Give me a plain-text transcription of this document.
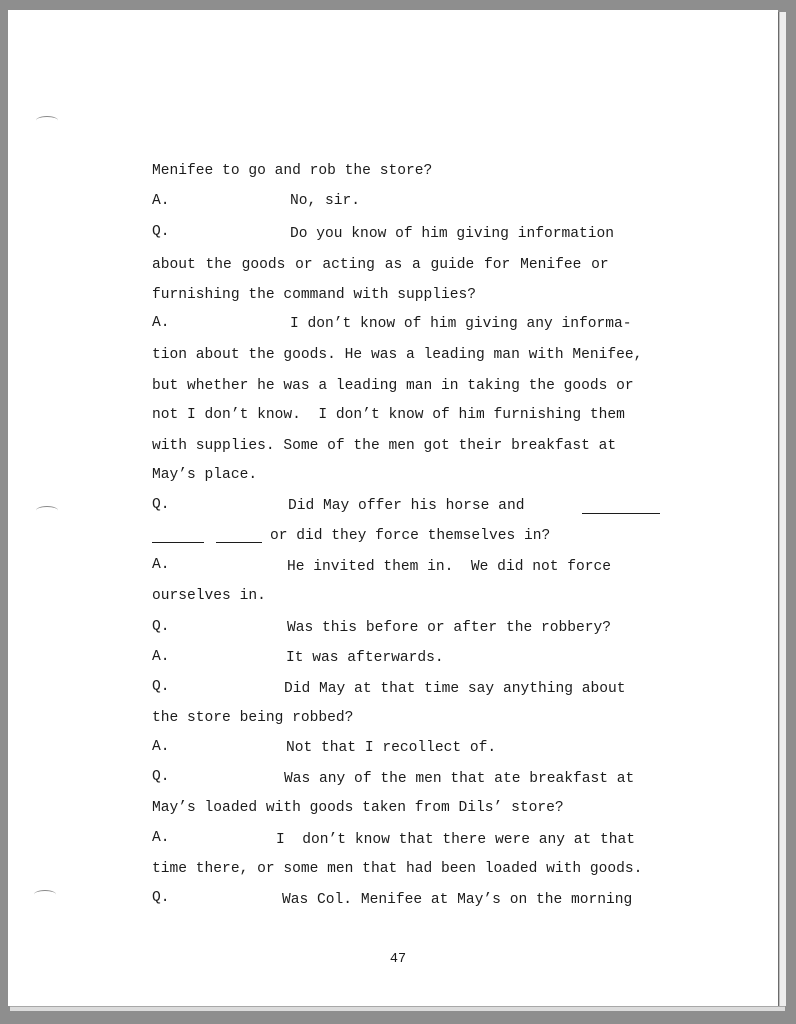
Menifee to go and rob the store?
A.	No, sir.
Q.	Do you know of him giving information
about the goods or acting as a guide for Menifee or
furnishing the command with supplies?
A.	I don’t know of him giving any informa-
tion about the goods. He was a leading man with Menifee,
but whether he was a leading man in taking the goods or
not I don’t know.  I don’t know of him furnishing them
with supplies. Some of the men got their breakfast at
May’s place.
Q.	Did May offer his horse and
or did they force themselves in?
A.	He invited them in.  We did not force
ourselves in.
Q.	Was this before or after the robbery?
A.	It was afterwards.
Q.	Did May at that time say anything about
the store being robbed?
A.	Not that I recollect of.
Q.	Was any of the men that ate breakfast at
May’s loaded with goods taken from Dils’ store?
A.	I  don’t know that there were any at that
time there, or some men that had been loaded with goods.
Q.	Was Col. Menifee at May’s on the morning
47
